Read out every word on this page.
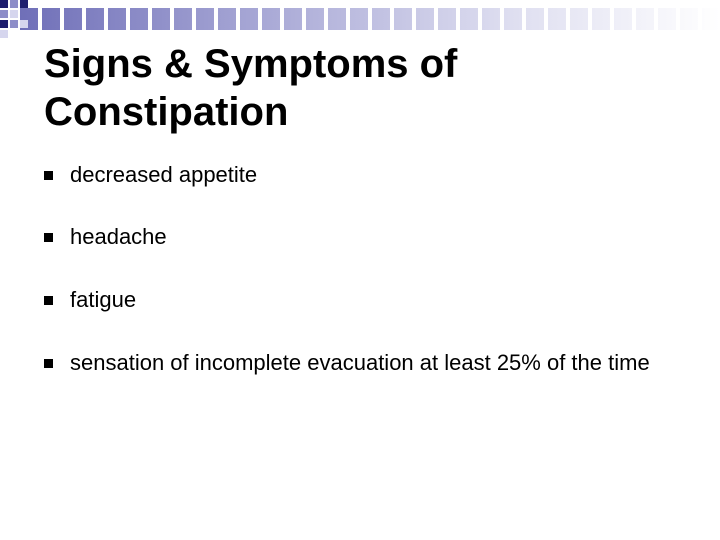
Signs & Symptoms of Constipation
decreased appetite
headache
fatigue
sensation of incomplete evacuation at least 25% of the time
